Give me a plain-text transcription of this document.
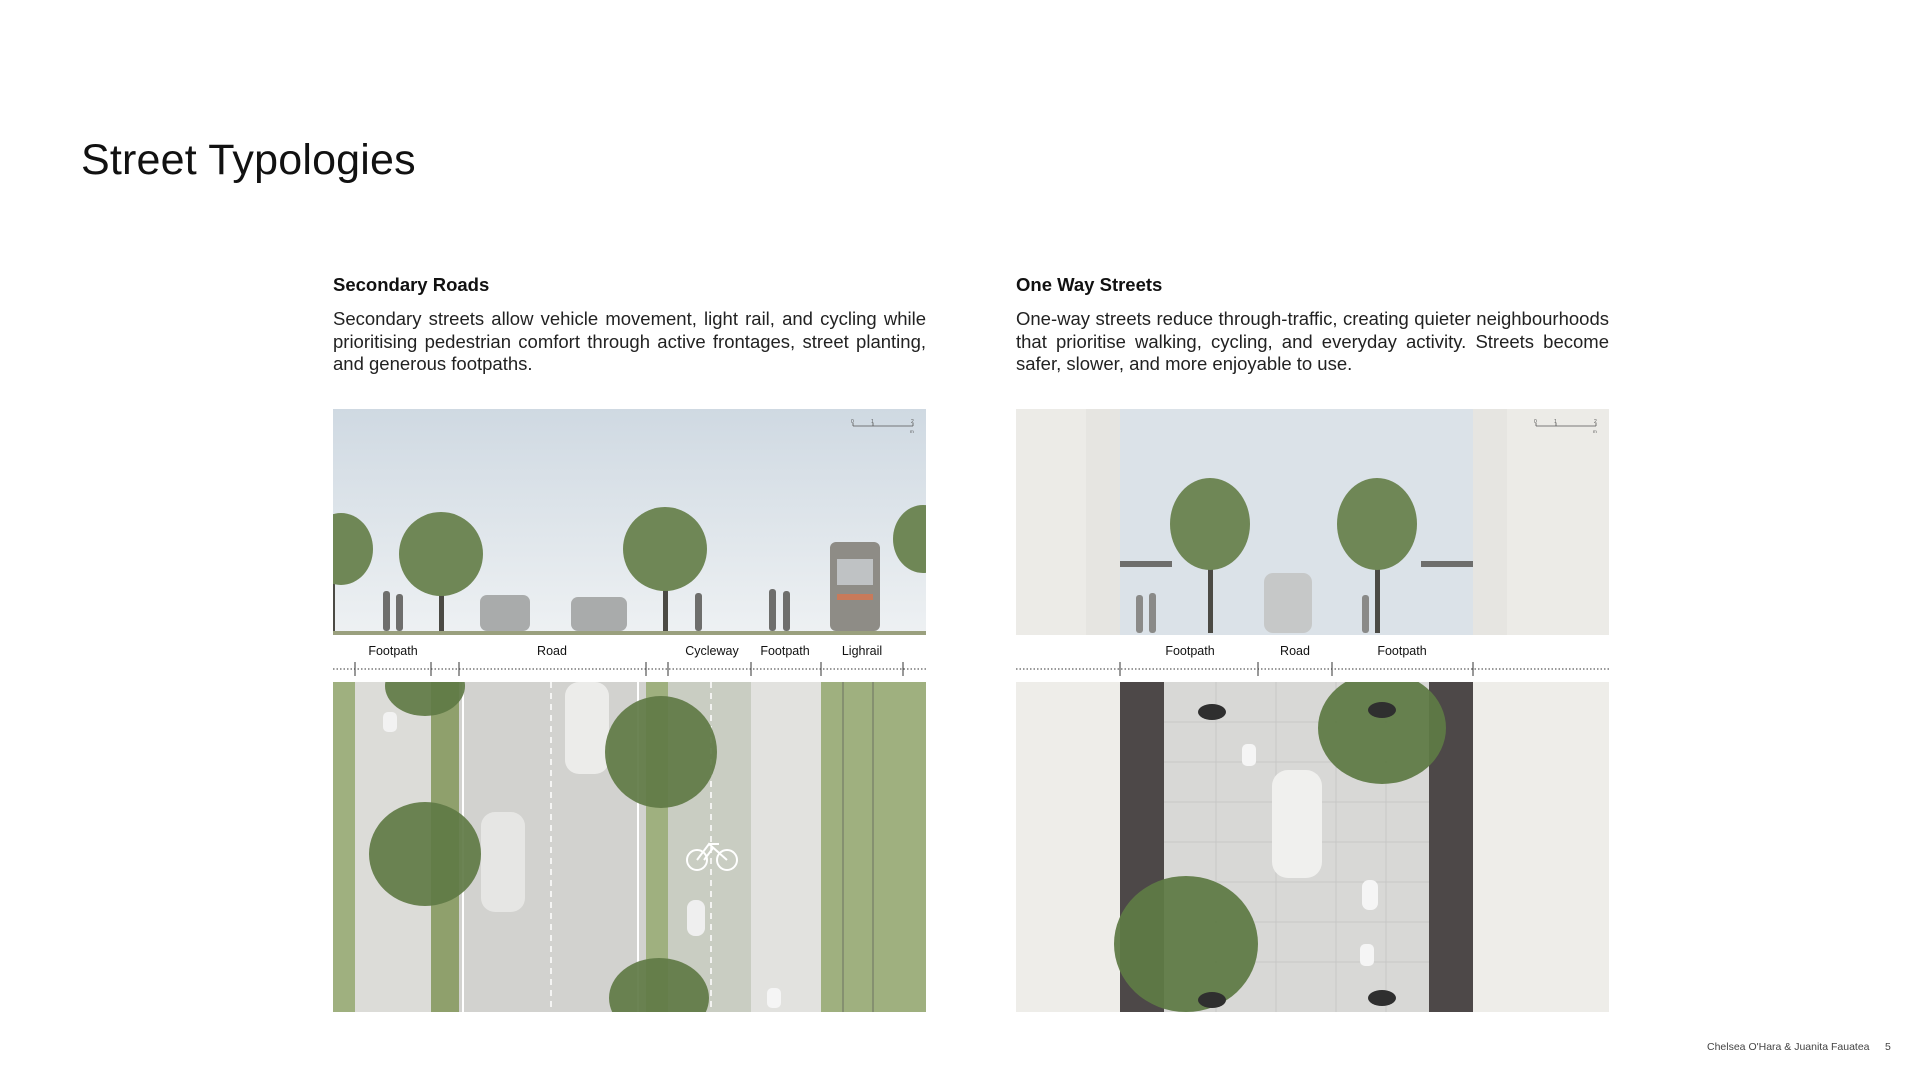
Street Typologies
Secondary Roads

Secondary streets allow vehicle movement, light rail, and cycling while prioritising pedestrian comfort through active frontages, street planting, and generous footpaths.

0	1	2
m
Footpath	Road	Cycleway Footpath	Lighrail
One Way Streets

One-way streets reduce through-traffic, creating quieter neighbourhoods that prioritise walking, cycling, and everyday activity. Streets become safer, slower, and more enjoyable to use.

0	1	2
m
Footpath	Road	Footpath
Chelsea O'Hara & Juanita Fauatea 5
